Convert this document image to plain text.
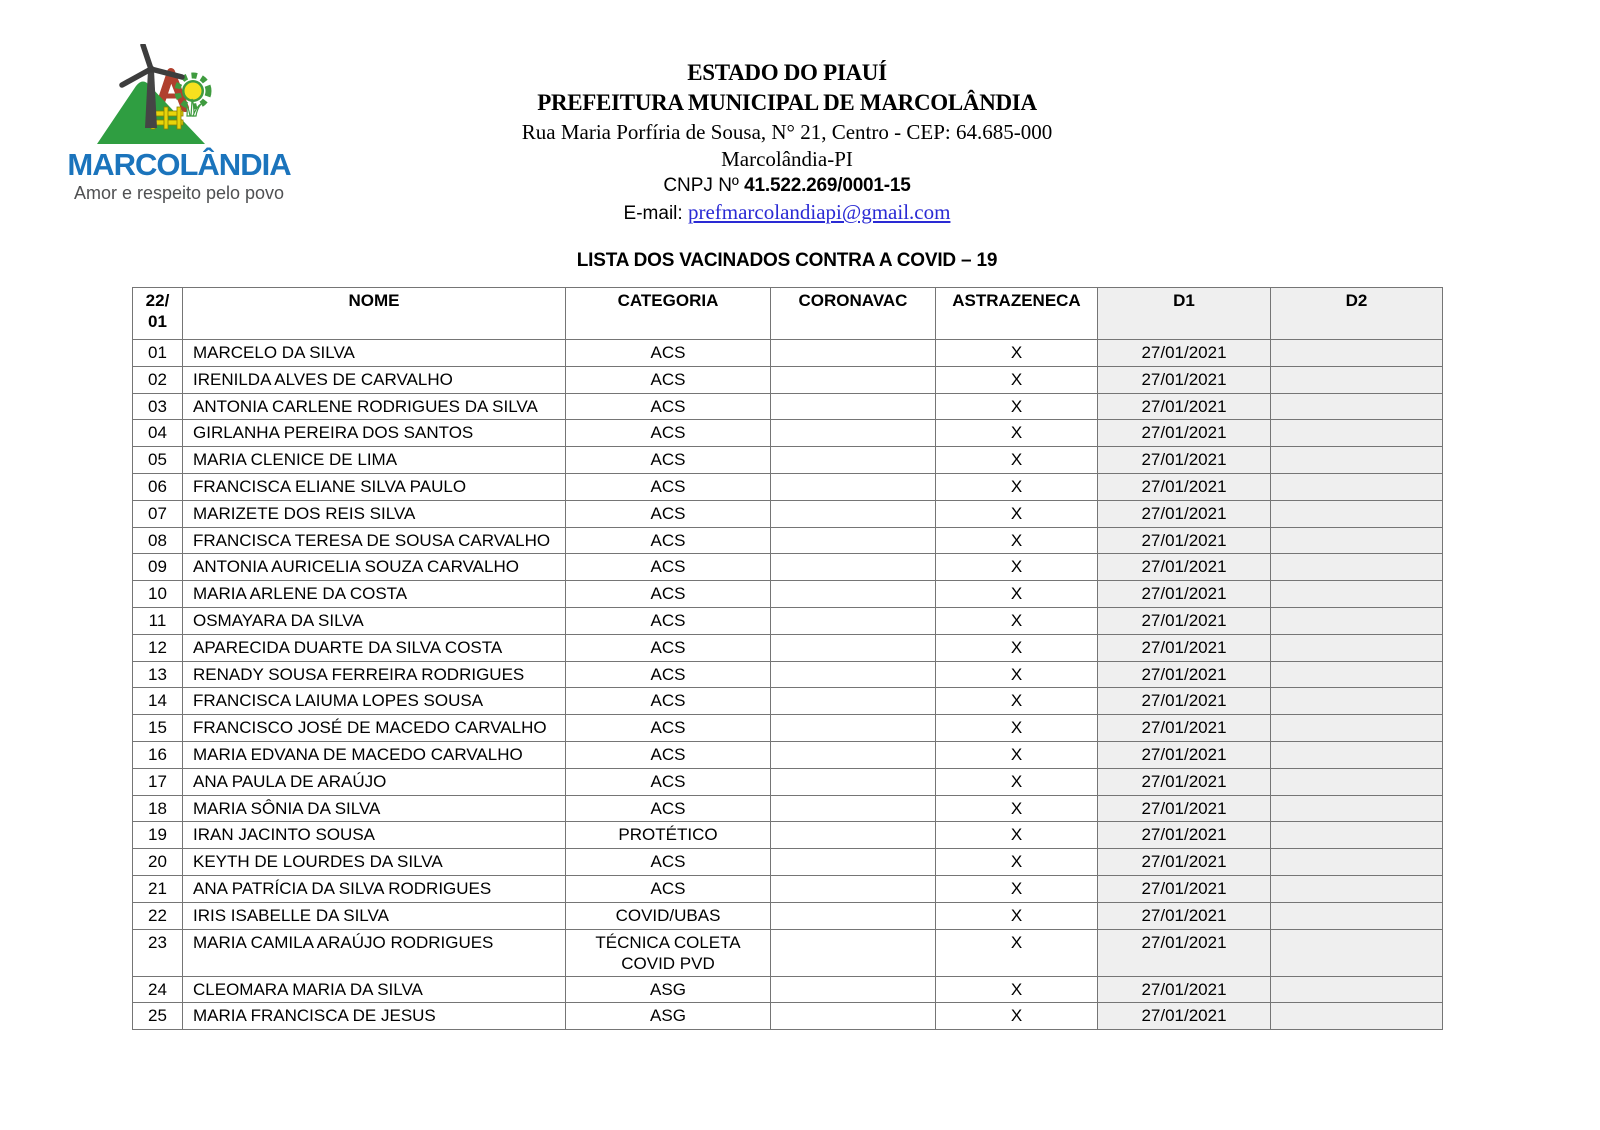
MARCOLÂNDIA
Amor e respeito pelo povo
ESTADO DO PIAUÍ
PREFEITURA MUNICIPAL DE MARCOLÂNDIA
Rua Maria Porfíria de Sousa, N° 21, Centro - CEP: 64.685-000
Marcolândia-PI
CNPJ Nº 41.522.269/0001-15
E-mail: prefmarcolandiapi@gmail.com
LISTA DOS VACINADOS CONTRA A COVID – 19
22/
01	NOME	CATEGORIA	CORONAVAC	ASTRAZENECA	D1	D2
01	MARCELO DA SILVA	ACS		X	27/01/2021	
02	IRENILDA ALVES DE CARVALHO	ACS		X	27/01/2021	
03	ANTONIA CARLENE RODRIGUES DA SILVA	ACS		X	27/01/2021	
04	GIRLANHA PEREIRA DOS SANTOS	ACS		X	27/01/2021	
05	MARIA CLENICE DE LIMA	ACS		X	27/01/2021	
06	FRANCISCA ELIANE SILVA PAULO	ACS		X	27/01/2021	
07	MARIZETE DOS REIS SILVA	ACS		X	27/01/2021	
08	FRANCISCA TERESA DE SOUSA CARVALHO	ACS		X	27/01/2021	
09	ANTONIA AURICELIA SOUZA CARVALHO	ACS		X	27/01/2021	
10	MARIA ARLENE DA COSTA	ACS		X	27/01/2021	
11	OSMAYARA DA SILVA	ACS		X	27/01/2021	
12	APARECIDA DUARTE DA SILVA COSTA	ACS		X	27/01/2021	
13	RENADY SOUSA FERREIRA RODRIGUES	ACS		X	27/01/2021	
14	FRANCISCA LAIUMA LOPES SOUSA	ACS		X	27/01/2021	
15	FRANCISCO JOSÉ DE MACEDO CARVALHO	ACS		X	27/01/2021	
16	MARIA EDVANA DE MACEDO CARVALHO	ACS		X	27/01/2021	
17	ANA PAULA DE ARAÚJO	ACS		X	27/01/2021	
18	MARIA SÔNIA DA SILVA	ACS		X	27/01/2021	
19	IRAN JACINTO SOUSA	PROTÉTICO		X	27/01/2021	
20	KEYTH DE LOURDES DA SILVA	ACS		X	27/01/2021	
21	ANA PATRÍCIA DA SILVA RODRIGUES	ACS		X	27/01/2021	
22	IRIS ISABELLE DA SILVA	COVID/UBAS		X	27/01/2021	
23	MARIA CAMILA ARAÚJO RODRIGUES	TÉCNICA COLETA COVID PVD		X	27/01/2021	
24	CLEOMARA MARIA DA SILVA	ASG		X	27/01/2021	
25	MARIA FRANCISCA DE JESUS	ASG		X	27/01/2021	
